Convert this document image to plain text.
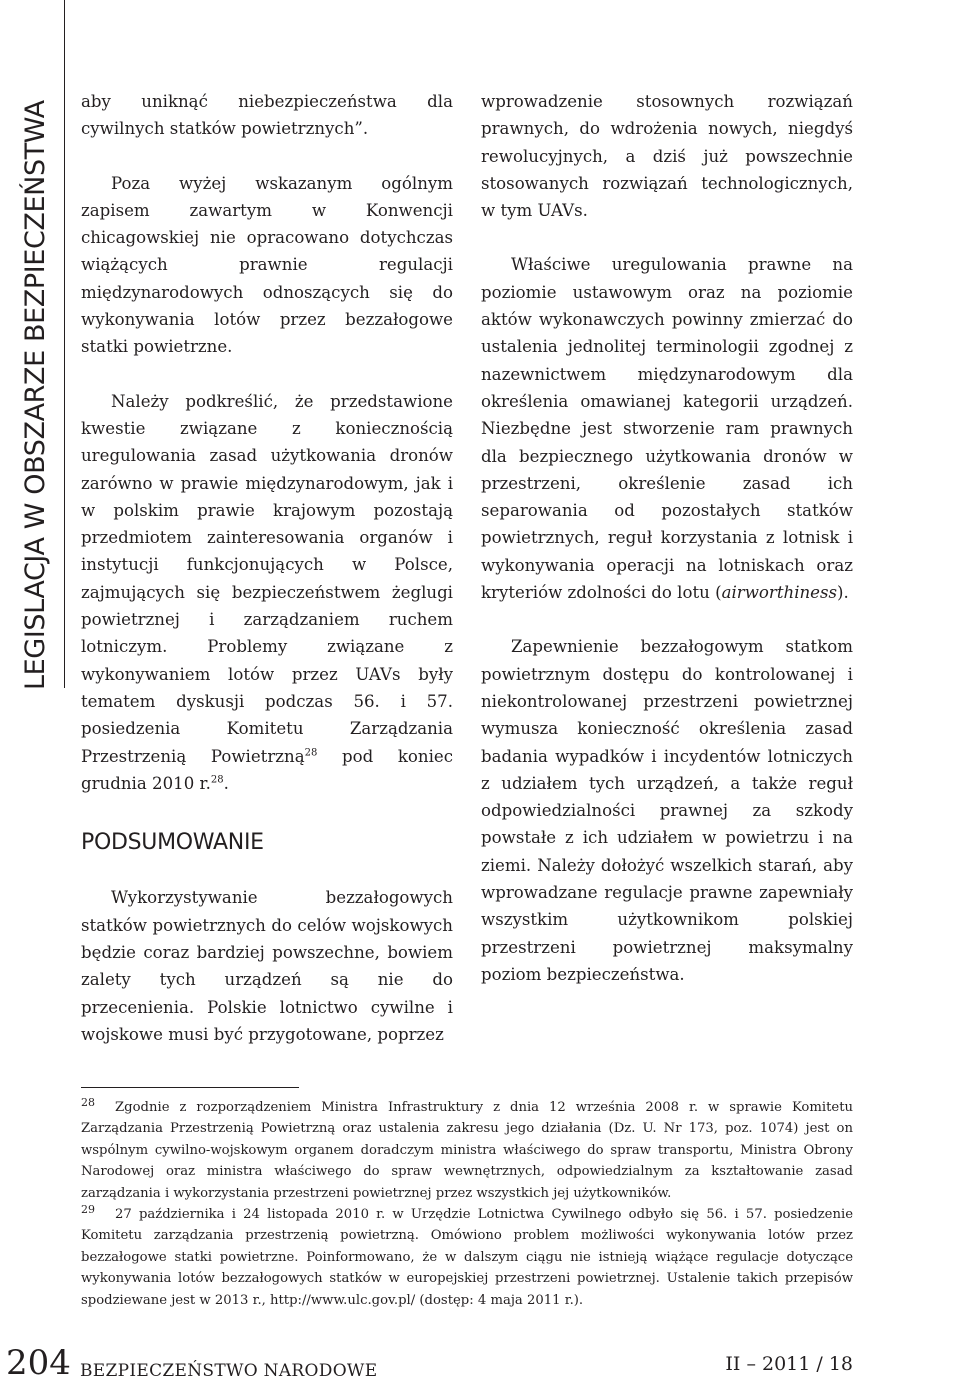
LEGISLACJA W OBSZARZE BEZPIECZEŃSTWA aby uniknąć niebezpieczeństwa dla cywilnych statków powietrznych”.

Poza wyżej wskazanym ogólnym zapisem zawartym w Konwencji chicagowskiej nie opracowano dotychczas wiążących prawnie regulacji międzynarodowych odnoszących się do wykonywania lotów przez bezzałogowe statki powietrzne.

Należy podkreślić, że przedstawione kwestie związane z koniecznością uregulowania zasad użytkowania dronów zarówno w prawie międzynarodowym, jak i w polskim prawie krajowym pozostają przedmiotem zainteresowania organów i instytucji funkcjonujących w Polsce, zajmujących się bezpieczeństwem żeglugi powietrznej i zarządzaniem ruchem lotniczym. Problemy związane z wykonywaniem lotów przez UAVs były tematem dyskusji podczas 56. i 57. posiedzenia Komitetu Zarządzania Przestrzenią Powietrzną$^{28}$ pod koniec grudnia 2010 r.$^{28}$.

PODSUMOWANIE

Wykorzystywanie bezzałogowych statków powietrznych do celów wojskowych będzie coraz bardziej powszechne, bowiem zalety tych urządzeń są nie do przecenienia. Polskie lotnictwo cywilne i wojskowe musi być przygotowane, poprzez

wprowadzenie stosownych rozwiązań prawnych, do wdrożenia nowych, niegdyś rewolucyjnych, a dziś już powszechnie stosowanych rozwiązań technologicznych, w tym UAVs.

Właściwe uregulowania prawne na poziomie ustawowym oraz na poziomie aktów wykonawczych powinny zmierzać do ustalenia jednolitej terminologii zgodnej z nazewnictwem międzynarodowym dla określenia omawianej kategorii urządzeń. Niezbędne jest stworzenie ram prawnych dla bezpiecznego użytkowania dronów w przestrzeni, określenie zasad ich separowania od pozostałych statków powietrznych, reguł korzystania z lotnisk i wykonywania operacji na lotniskach oraz kryteriów zdolności do lotu (airworthiness).

Zapewnienie bezzałogowym statkom powietrznym dostępu do kontrolowanej i niekontrolowanej przestrzeni powietrznej wymusza konieczność określenia zasad badania wypadków i incydentów lotniczych z udziałem tych urządzeń, a także reguł odpowiedzialności prawnej za szkody powstałe z ich udziałem w powietrzu i na ziemi. Należy dołożyć wszelkich starań, aby wprowadzane regulacje prawne zapewniały wszystkim użytkownikom polskiej przestrzeni powietrznej maksymalny poziom bezpieczeństwa.

$^{28}$ Zgodnie z rozporządzeniem Ministra Infrastruktury z dnia 12 września 2008 r. w sprawie Komitetu Zarządzania Przestrzenią Powietrzną oraz ustalenia zakresu jego działania (Dz. U. Nr 173, poz. 1074) jest on wspólnym cywilno-wojskowym organem doradczym ministra właściwego do spraw transportu, Ministra Obrony Narodowej oraz ministra właściwego do spraw wewnętrznych, odpowiedzialnym za kształtowanie zasad zarządzania i wykorzystania przestrzeni powietrznej przez wszystkich jej użytkowników.

$^{29}$ 27 października i 24 listopada 2010 r. w Urzędzie Lotnictwa Cywilnego odbyło się 56. i 57. posiedzenie Komitetu zarządzania przestrzenią powietrzną. Omówiono problem możliwości wykonywania lotów przez bezzałogowe statki powietrzne. Poinformowano, że w dalszym ciągu nie istnieją wiążące regulacje dotyczące wykonywania lotów bezzałogowych statków w europejskiej przestrzeni powietrznej. Ustalenie takich przepisów spodziewane jest w 2013 r., http://www.ulc.gov.pl/ (dostęp: 4 maja 2011 r.).

204 BEZPIECZEŃSTWO NARODOWE	II – 2011 / 18
